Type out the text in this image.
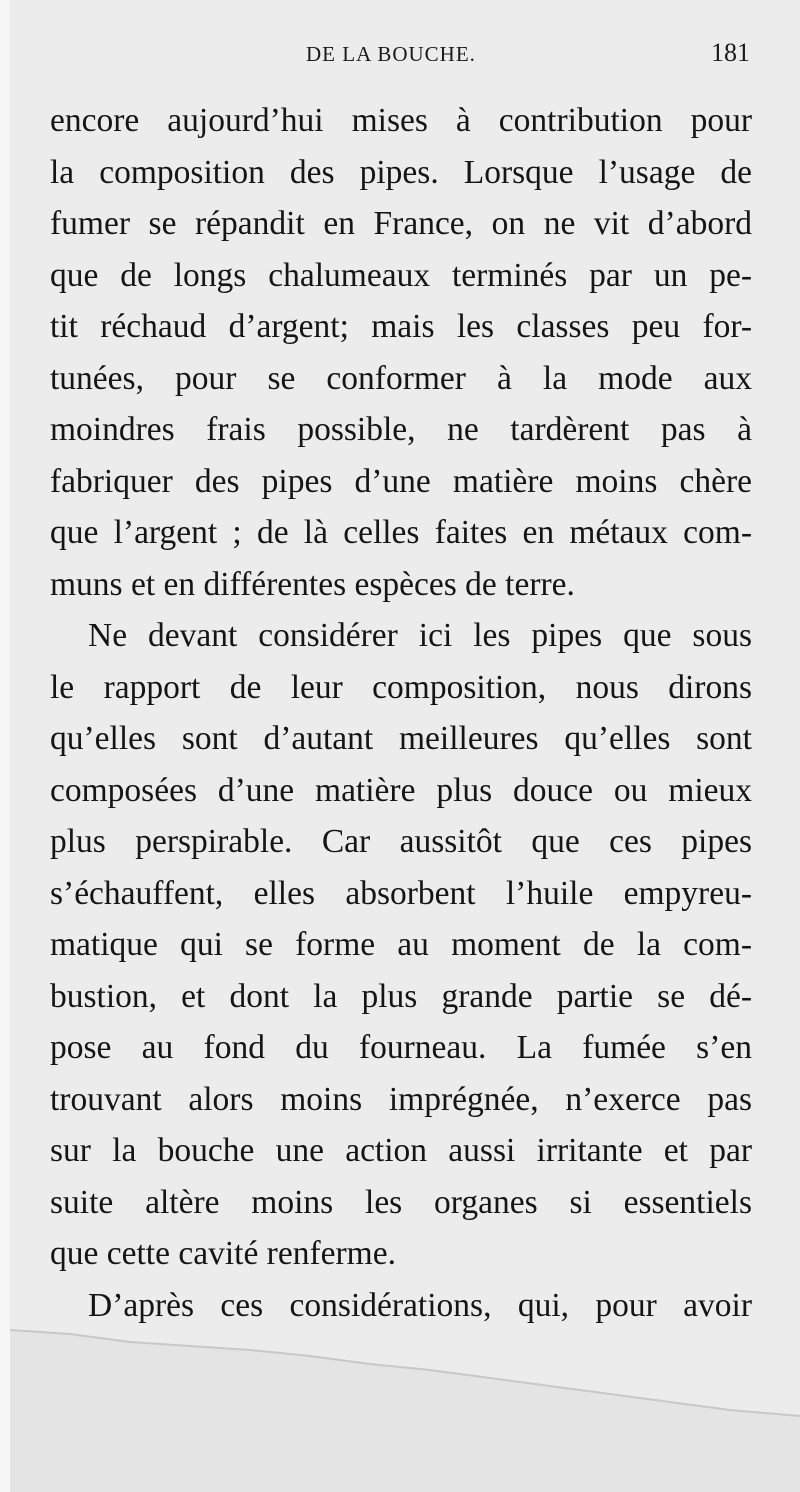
DE LA BOUCHE.	181
encore aujourd’hui mises à contribution pour
la composition des pipes. Lorsque l’usage de
fumer se répandit en France, on ne vit d’abord
que de longs chalumeaux terminés par un pe-
tit réchaud d’argent; mais les classes peu for-
tunées, pour se conformer à la mode aux
moindres frais possible, ne tardèrent pas à
fabriquer des pipes d’une matière moins chère
que l’argent ; de là celles faites en métaux com-
muns et en différentes espèces de terre.
Ne devant considérer ici les pipes que sous
le rapport de leur composition, nous dirons
qu’elles sont d’autant meilleures qu’elles sont
composées d’une matière plus douce ou mieux
plus perspirable. Car aussitôt que ces pipes
s’échauffent, elles absorbent l’huile empyreu-
matique qui se forme au moment de la com-
bustion, et dont la plus grande partie se dé-
pose au fond du fourneau. La fumée s’en
trouvant alors moins imprégnée, n’exerce pas
sur la bouche une action aussi irritante et par
suite altère moins les organes si essentiels
que cette cavité renferme.
D’après ces considérations, qui, pour avoir
